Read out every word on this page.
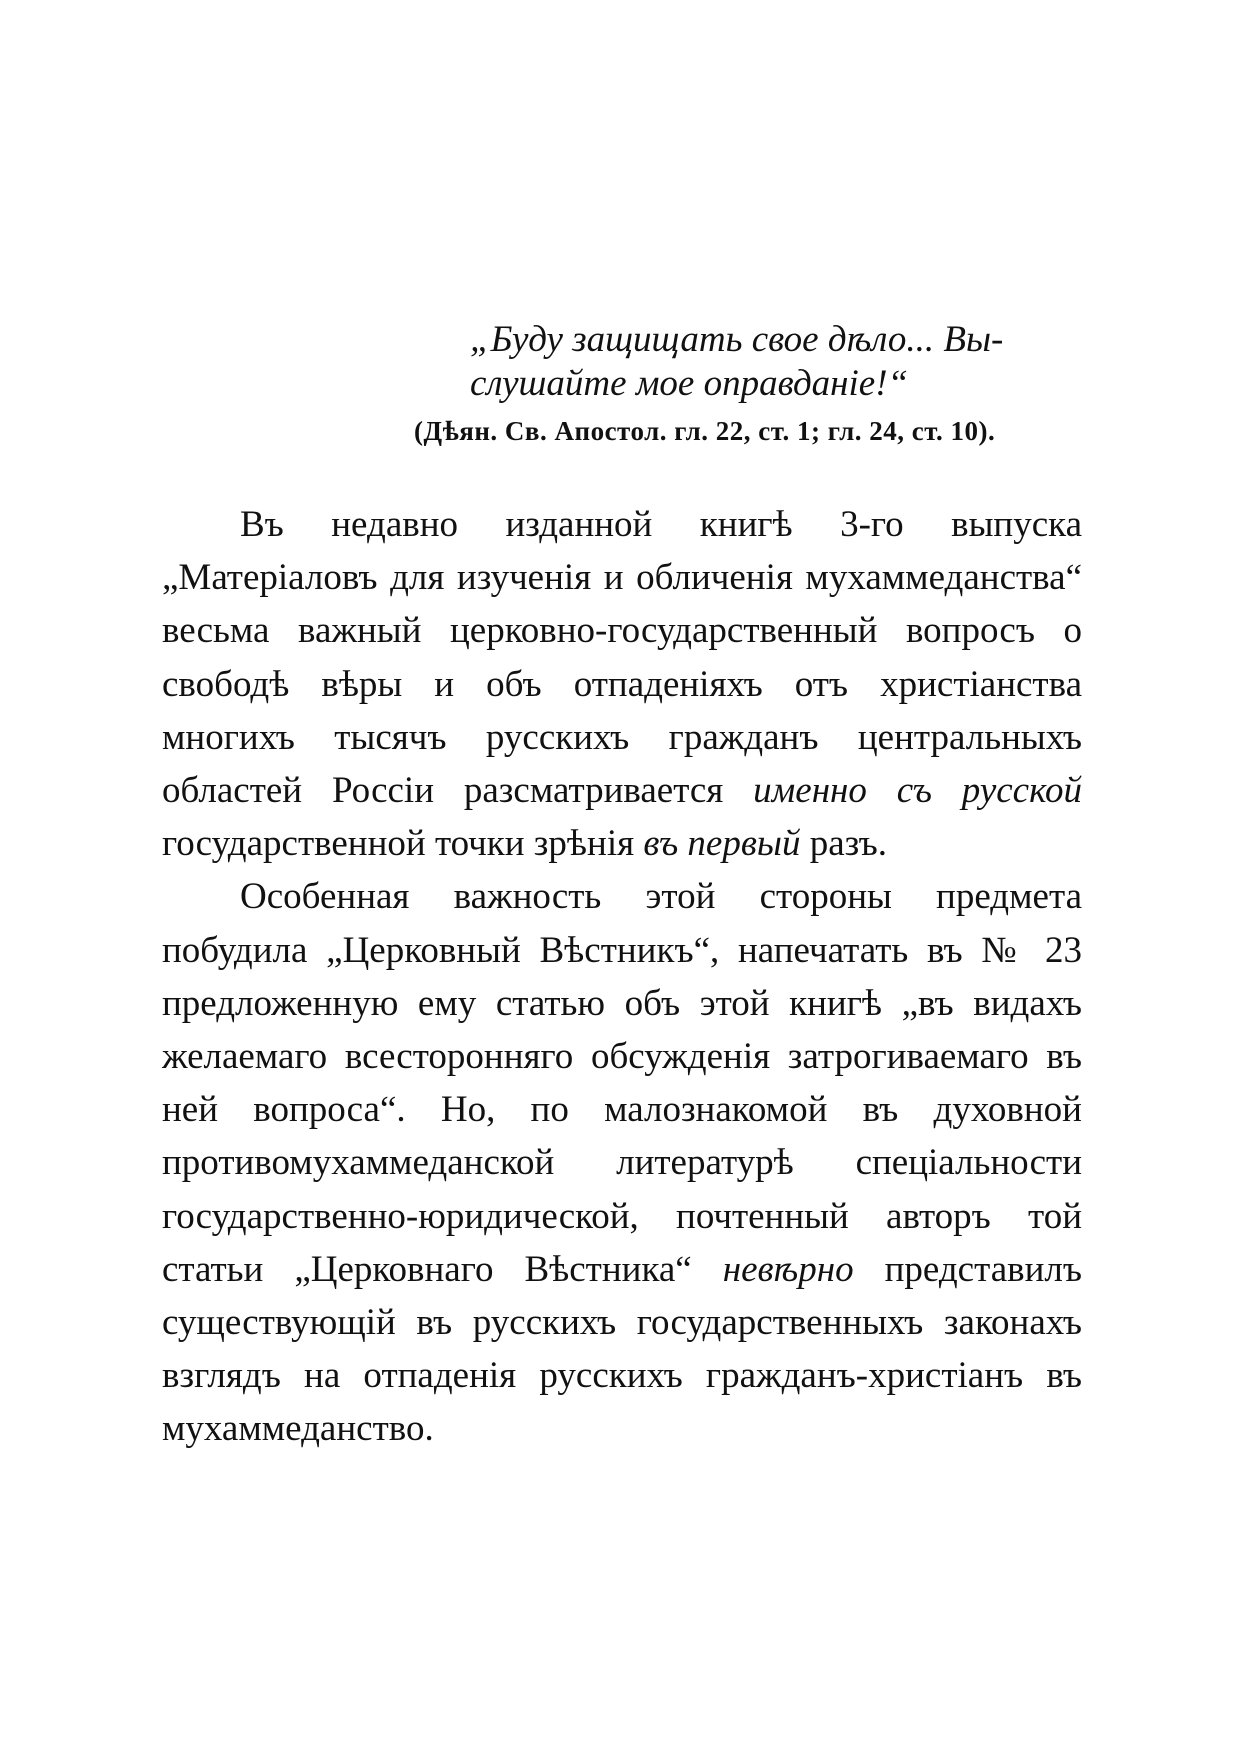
„Буду защищать свое дѣло... Вы-
слушайте мое оправданіе!“

(Дѣян. Св. Апостол. гл. 22, ст. 1; гл. 24, ст. 10).

Въ недавно изданной книгѣ 3-го выпуска „Матеріаловъ для изученія и обличенія мухаммеданства“ весьма важный церковно-государственный вопросъ о свободѣ вѣры и объ отпаденіяхъ отъ христіанства многихъ тысячъ русскихъ гражданъ центральныхъ областей Россіи разсматривается именно съ русской государственной точки зрѣнія въ первый разъ.

Особенная важность этой стороны предмета побудила „Церковный Вѣстникъ“, напечатать въ № 23 предложенную ему статью объ этой книгѣ „въ видахъ желаемаго всесторонняго обсужденія затрогиваемаго въ ней вопроса“. Но, по малознакомой въ духовной противомухаммеданской литературѣ спеціальности государственно-юридической, почтенный авторъ той статьи „Церковнаго Вѣстника“ невѣрно представилъ существующій въ русскихъ государственныхъ законахъ взглядъ на отпаденія русскихъ гражданъ-христіанъ въ мухаммеданство.
